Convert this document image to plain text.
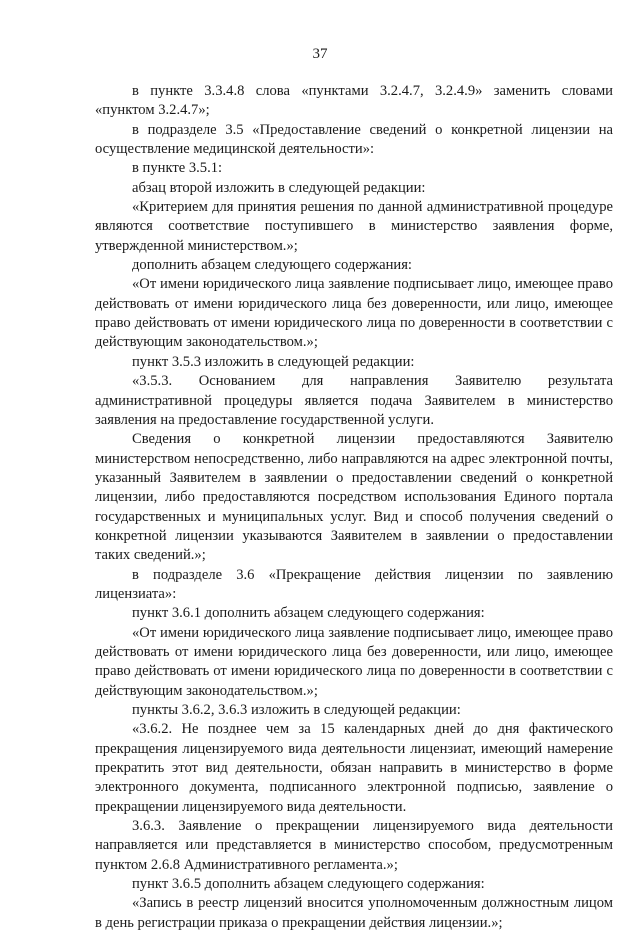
37

в пункте 3.3.4.8 слова «пунктами 3.2.4.7, 3.2.4.9» заменить словами «пунктом 3.2.4.7»;

в подразделе 3.5 «Предоставление сведений о конкретной лицензии на осуществление медицинской деятельности»:

в пункте 3.5.1:

абзац второй изложить в следующей редакции:

«Критерием для принятия решения по данной административной процедуре являются соответствие поступившего в министерство заявления форме, утвержденной министерством.»;

дополнить абзацем следующего содержания:

«От имени юридического лица заявление подписывает лицо, имеющее право действовать от имени юридического лица без доверенности, или лицо, имеющее право действовать от имени юридического лица по доверенности в соответствии с действующим законодательством.»;

пункт 3.5.3 изложить в следующей редакции:

«3.5.3. Основанием для направления Заявителю результата административной процедуры является подача Заявителем в министерство заявления на предоставление государственной услуги.

Сведения о конкретной лицензии предоставляются Заявителю министерством непосредственно, либо направляются на адрес электронной почты, указанный Заявителем в заявлении о предоставлении сведений о конкретной лицензии, либо предоставляются посредством использования Единого портала государственных и муниципальных услуг. Вид и способ получения сведений о конкретной лицензии указываются Заявителем в заявлении о предоставлении таких сведений.»;

в подразделе 3.6 «Прекращение действия лицензии по заявлению лицензиата»:

пункт 3.6.1 дополнить абзацем следующего содержания:

«От имени юридического лица заявление подписывает лицо, имеющее право действовать от имени юридического лица без доверенности, или лицо, имеющее право действовать от имени юридического лица по доверенности в соответствии с действующим законодательством.»;

пункты 3.6.2, 3.6.3 изложить в следующей редакции:

«3.6.2. Не позднее чем за 15 календарных дней до дня фактического прекращения лицензируемого вида деятельности лицензиат, имеющий намерение прекратить этот вид деятельности, обязан направить в министерство в форме электронного документа, подписанного электронной подписью, заявление о прекращении лицензируемого вида деятельности.

3.6.3. Заявление о прекращении лицензируемого вида деятельности направляется или представляется в министерство способом, предусмотренным пунктом 2.6.8 Административного регламента.»;

пункт 3.6.5 дополнить абзацем следующего содержания:

«Запись в реестр лицензий вносится уполномоченным должностным лицом в день регистрации приказа о прекращении действия лицензии.»;
